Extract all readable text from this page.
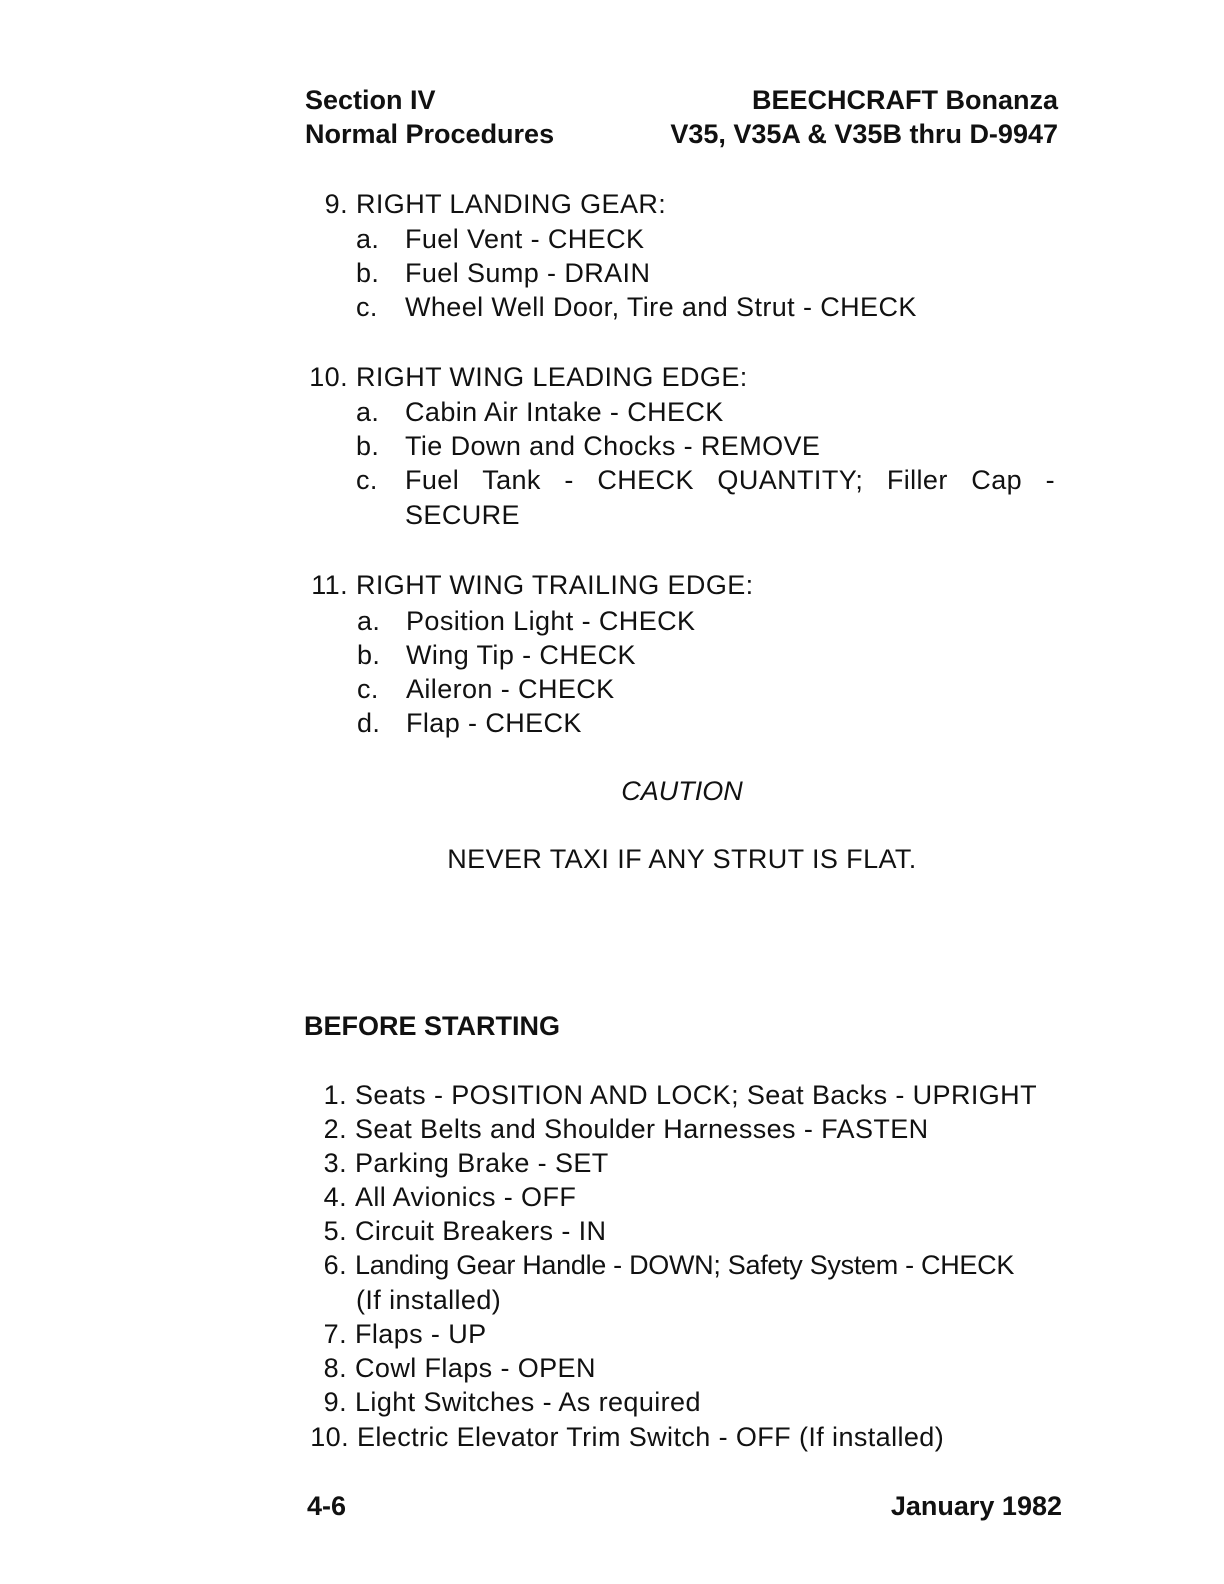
Section IV
Normal Procedures
BEECHCRAFT Bonanza
V35, V35A & V35B thru D-9947
9. RIGHT LANDING GEAR:
a. Fuel Vent - CHECK
b. Fuel Sump - DRAIN
c.	Wheel Well Door, Tire and Strut - CHECK
10. RIGHT WING LEADING EDGE:
a. Cabin Air Intake - CHECK
b. Tie Down and Chocks - REMOVE
c.	Fuel Tank - CHECK QUANTITY; Filler Cap -
SECURE
11. RIGHT WING TRAILING EDGE:
a. Position Light - CHECK
b. Wing Tip - CHECK
c.	Aileron - CHECK
d. Flap - CHECK
CAUTION
NEVER TAXI IF ANY STRUT IS FLAT.
BEFORE STARTING
1. Seats - POSITION AND LOCK; Seat Backs - UPRIGHT
2. Seat Belts and Shoulder Harnesses - FASTEN
3. Parking Brake - SET
4. All Avionics - OFF
5. Circuit Breakers - IN
6. Landing Gear Handle - DOWN; Safety System - CHECK
(If installed)
7. Flaps - UP
8. Cowl Flaps - OPEN
9. Light Switches - As required
10. Electric Elevator Trim Switch - OFF (If installed)
4-6	January 1982
